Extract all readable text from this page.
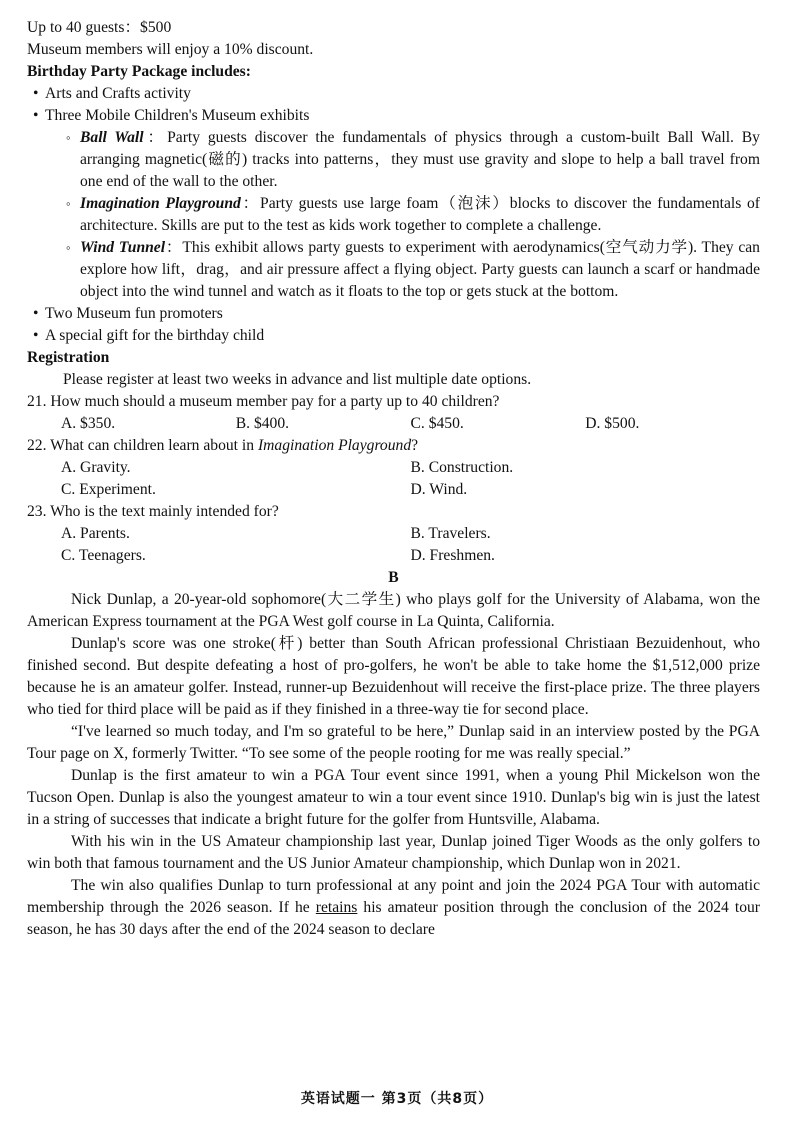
Up to 40 guests：$500

Museum members will enjoy a 10% discount.

Birthday Party Package includes:

• Arts and Crafts activity

• Three Mobile Children's Museum exhibits

◦ Ball Wall：Party guests discover the fundamentals of physics through a custom-built Ball Wall. By arranging magnetic(磁的) tracks into patterns，they must use gravity and slope to help a ball travel from one end of the wall to the other.

◦ Imagination Playground：Party guests use large foam（泡沫）blocks to discover the fundamentals of architecture. Skills are put to the test as kids work together to complete a challenge.

◦ Wind Tunnel：This exhibit allows party guests to experiment with aerodynamics(空气动力学). They can explore how lift，drag，and air pressure affect a flying object. Party guests can launch a scarf or handmade object into the wind tunnel and watch as it floats to the top or gets stuck at the bottom.

• Two Museum fun promoters

• A special gift for the birthday child

Registration

Please register at least two weeks in advance and list multiple date options.

21. How much should a museum member pay for a party up to 40 children?

A. $350.	B. $400.	C. $450.	D. $500.

22. What can children learn about in Imagination Playground?

A. Gravity.	B. Construction.
C. Experiment.	D. Wind.

23. Who is the text mainly intended for?

A. Parents.	B. Travelers.
C. Teenagers.	D. Freshmen.

B

Nick Dunlap, a 20-year-old sophomore(大二学生) who plays golf for the University of Alabama, won the American Express tournament at the PGA West golf course in La Quinta, California.

Dunlap's score was one stroke(杆) better than South African professional Christiaan Bezuidenhout, who finished second. But despite defeating a host of pro-golfers, he won't be able to take home the $1,512,000 prize because he is an amateur golfer. Instead, runner-up Bezuidenhout will receive the first-place prize. The three players who tied for third place will be paid as if they finished in a three-way tie for second place.

“I've learned so much today, and I'm so grateful to be here,” Dunlap said in an interview posted by the PGA Tour page on X, formerly Twitter. “To see some of the people rooting for me was really special.”

Dunlap is the first amateur to win a PGA Tour event since 1991, when a young Phil Mickelson won the Tucson Open. Dunlap is also the youngest amateur to win a tour event since 1910. Dunlap's big win is just the latest in a string of successes that indicate a bright future for the golfer from Huntsville, Alabama.

With his win in the US Amateur championship last year, Dunlap joined Tiger Woods as the only golfers to win both that famous tournament and the US Junior Amateur championship, which Dunlap won in 2021.

The win also qualifies Dunlap to turn professional at any point and join the 2024 PGA Tour with automatic membership through the 2026 season. If he retains his amateur position through the conclusion of the 2024 tour season, he has 30 days after the end of the 2024 season to declare

英语试题一 第3页（共8页）
